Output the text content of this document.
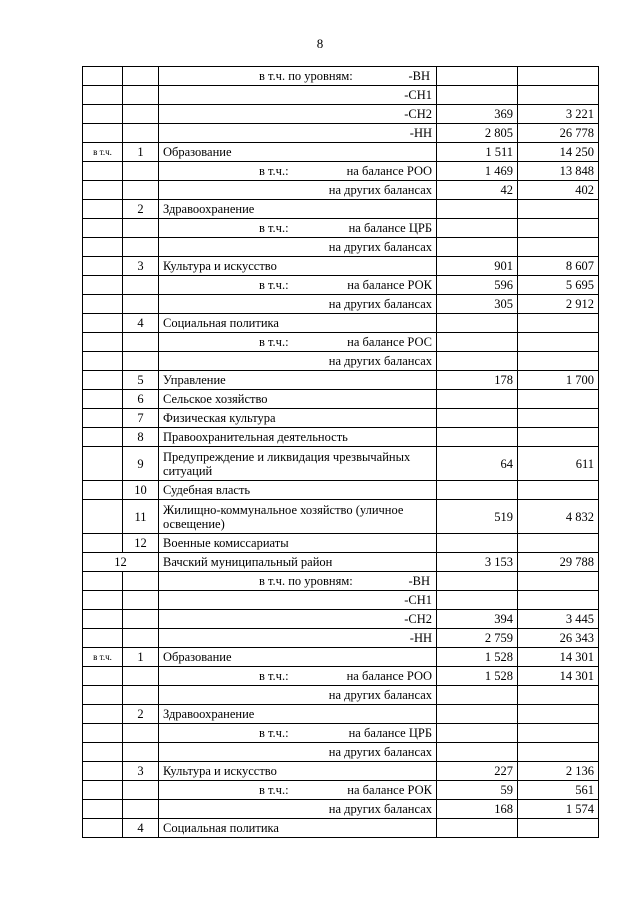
8

		в т.ч. по уровням: -ВН		

		-СН1		
		-СН2	369	3 221
		-НН	2 805	26 778
в т.ч.	1	Образование	1 511	14 250

		в т.ч.: на балансе РОО	1 469	13 848
		на других балансах	42	402
	2	Здравоохранение		

		в т.ч.: на балансе ЦРБ		

		на других балансах		
	3	Культура и искусство	901	8 607

		в т.ч.: на балансе РОК	596	5 695
		на других балансах	305	2 912
	4	Социальная политика		

		в т.ч.: на балансе РОС		

		на других балансах		
	5	Управление	178	1 700
	6	Сельское хозяйство		
	7	Физическая культура		
	8	Правоохранительная деятельность		
	9	Предупреждение и ликвидация чрезвычайных ситуаций	64	611
	10	Судебная власть		
	11	Жилищно-коммунальное хозяйство (уличное освещение)	519	4 832
	12	Военные комиссариаты		
12		Вачский муниципальный район	3 153	29 788

		в т.ч. по уровням: -ВН		

		-СН1		
		-СН2	394	3 445
		-НН	2 759	26 343
в т.ч.	1	Образование	1 528	14 301

		в т.ч.: на балансе РОО	1 528	14 301
		на других балансах		
	2	Здравоохранение		

		в т.ч.: на балансе ЦРБ		

		на других балансах		
	3	Культура и искусство	227	2 136

		в т.ч.: на балансе РОК	59	561
		на других балансах	168	1 574
	4	Социальная политика		
